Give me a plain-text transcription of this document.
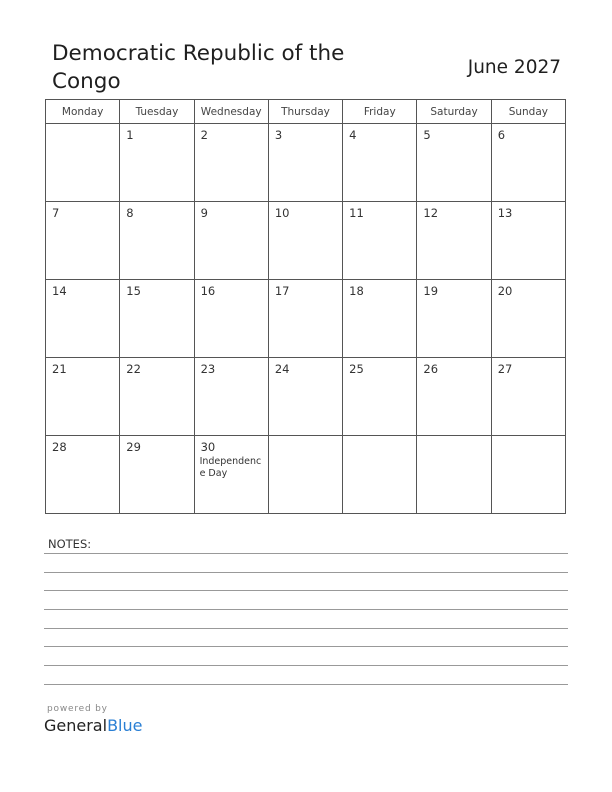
Democratic Republic of the Congo
June 2027
Monday	Tuesday	Wednesday	Thursday	Friday	Saturday	Sunday

	1	2	3	4	5	6

7	8	9	10	11	12	13

14	15	16	17	18	19	20

21	22	23	24	25	26	27

28	29	30
Independence Day				

NOTES:
powered by
GeneralBlue
